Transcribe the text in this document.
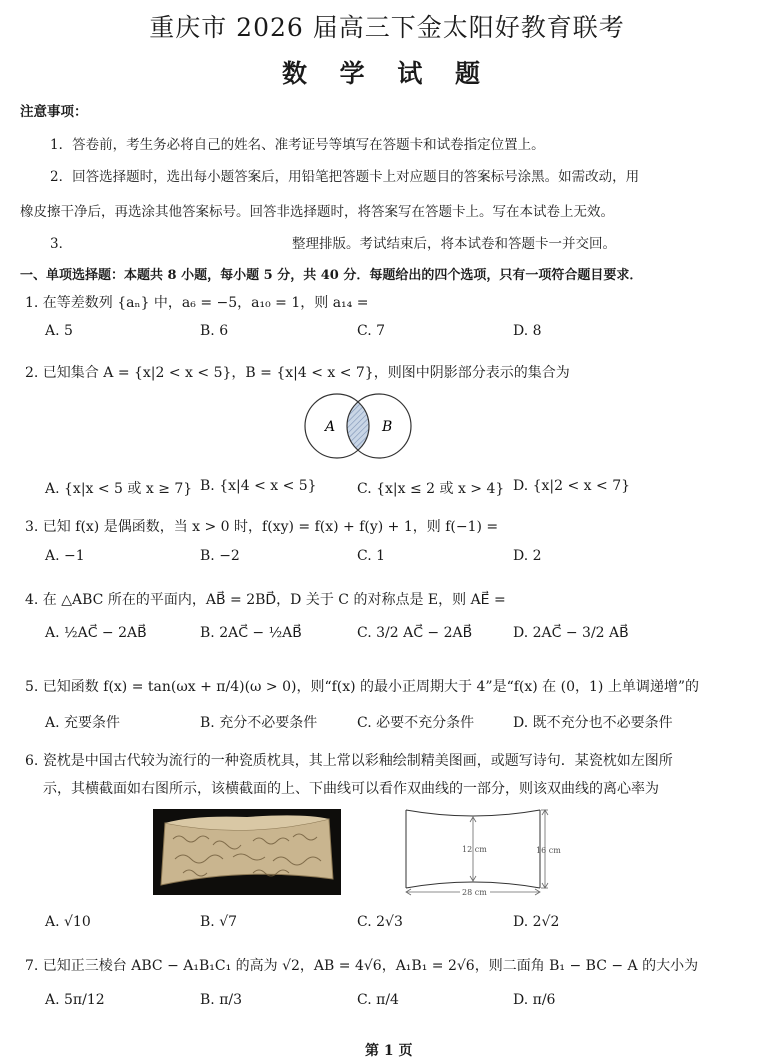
重庆市 2026 届高三下金太阳好教育联考
数 学 试 题
注意事项：
1．答卷前，考生务必将自己的姓名、准考证号等填写在答题卡和试卷指定位置上。
2．回答选择题时，选出每小题答案后，用铅笔把答题卡上对应题目的答案标号涂黑。如需改动，用
橡皮擦干净后，再选涂其他答案标号。回答非选择题时，将答案写在答题卡上。写在本试卷上无效。
3．	整理排版。考试结束后，将本试卷和答题卡一并交回。
一、单项选择题：本题共 8 小题，每小题 5 分，共 40 分．每题给出的四个选项，只有一项符合题目要求．
1. 在等差数列 {aₙ} 中，a₆ = −5，a₁₀ = 1，则 a₁₄ =
A. 5	B. 6	C. 7	D. 8
2. 已知集合 A = {x|2 < x < 5}，B = {x|4 < x < 7}，则图中阴影部分表示的集合为
A	B
A. {x|x < 5 或 x ≥ 7} B. {x|4 < x < 5}	C. {x|x ≤ 2 或 x > 4} D. {x|2 < x < 7}
3. 已知 f(x) 是偶函数，当 x > 0 时，f(xy) = f(x) + f(y) + 1，则 f(−1) =
A. −1	B. −2	C. 1	D. 2
4. 在 △ABC 所在的平面内，AB⃗ = 2BD⃗，D 关于 C 的对称点是 E，则 AE⃗ =
A. ½AC⃗ − 2AB⃗	B. 2AC⃗ − ½AB⃗	C. 3/2 AC⃗ − 2AB⃗	D. 2AC⃗ − 3/2 AB⃗
5. 已知函数 f(x) = tan(ωx + π/4)(ω > 0)，则“f(x) 的最小正周期大于 4”是“f(x) 在 (0，1) 上单调递增”的
A. 充要条件	B. 充分不必要条件	C. 必要不充分条件	D. 既不充分也不必要条件
6. 瓷枕是中国古代较为流行的一种瓷质枕具，其上常以彩釉绘制精美图画，或题写诗句．某瓷枕如左图所
示，其横截面如右图所示，该横截面的上、下曲线可以看作双曲线的一部分，则该双曲线的离心率为
12 cm	16 cm
28 cm
A. √10	B. √7	C. 2√3	D. 2√2
7. 已知正三棱台 ABC − A₁B₁C₁ 的高为 √2，AB = 4√6，A₁B₁ = 2√6，则二面角 B₁ − BC − A 的大小为
A. 5π/12	B. π/3	C. π/4	D. π/6
第 1 页
